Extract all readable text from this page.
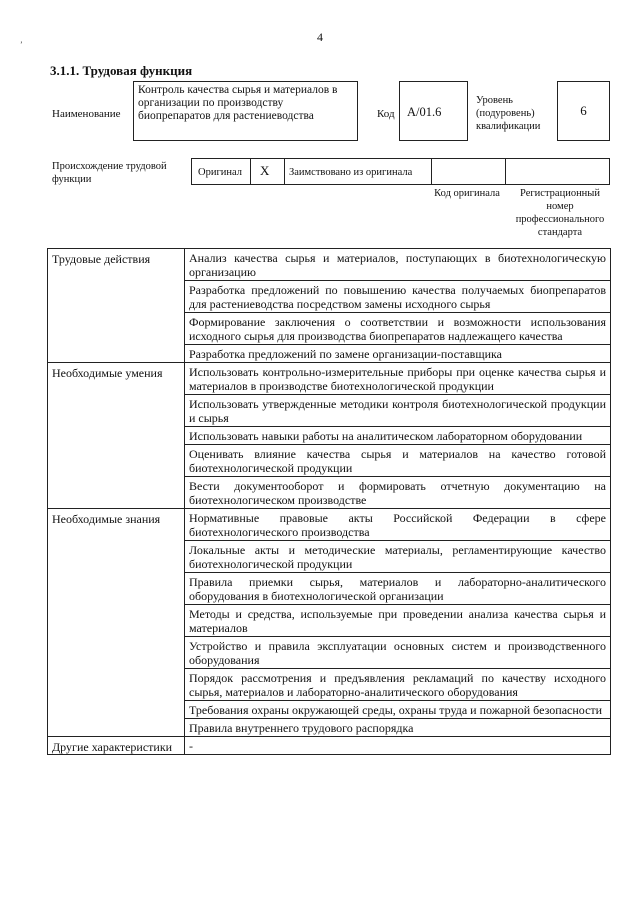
4
’
3.1.1. Трудовая функция
Наименование
Контроль качества сырья и материалов в организации по производству биопрепаратов для растениеводства	Код A/01.6
Уровень (подуровень) квалификации
6
Происхождение трудовой функции
Оригинал X Заимствовано из оригинала
Код оригинала	Регистрационный номер профессионального стандарта
Трудовые действия	Анализ качества сырья и материалов, поступающих в биотехнологическую организацию
	Разработка предложений по повышению качества получаемых биопрепаратов для растениеводства посредством замены исходного сырья
	Формирование заключения о соответствии и возможности использования исходного сырья для производства биопрепаратов надлежащего качества
	Разработка предложений по замене организации-поставщика
Необходимые умения	Использовать контрольно-измерительные приборы при оценке качества сырья и материалов в производстве биотехнологической продукции
	Использовать утвержденные методики контроля биотехнологической продукции и сырья
	Использовать навыки работы на аналитическом лабораторном оборудовании
	Оценивать влияние качества сырья и материалов на качество готовой биотехнологической продукции
	Вести документооборот и формировать отчетную документацию на биотехнологическом производстве
Необходимые знания	Нормативные правовые акты Российской Федерации в сфере биотехнологического производства
	Локальные акты и методические материалы, регламентирующие качество биотехнологической продукции
	Правила приемки сырья, материалов и лабораторно-аналитического оборудования в биотехнологической организации
	Методы и средства, используемые при проведении анализа качества сырья и материалов
	Устройство и правила эксплуатации основных систем и производственного оборудования
	Порядок рассмотрения и предъявления рекламаций по качеству исходного сырья, материалов и лабораторно-аналитического оборудования
	Требования охраны окружающей среды, охраны труда и пожарной безопасности
	Правила внутреннего трудового распорядка
Другие характеристики	-
